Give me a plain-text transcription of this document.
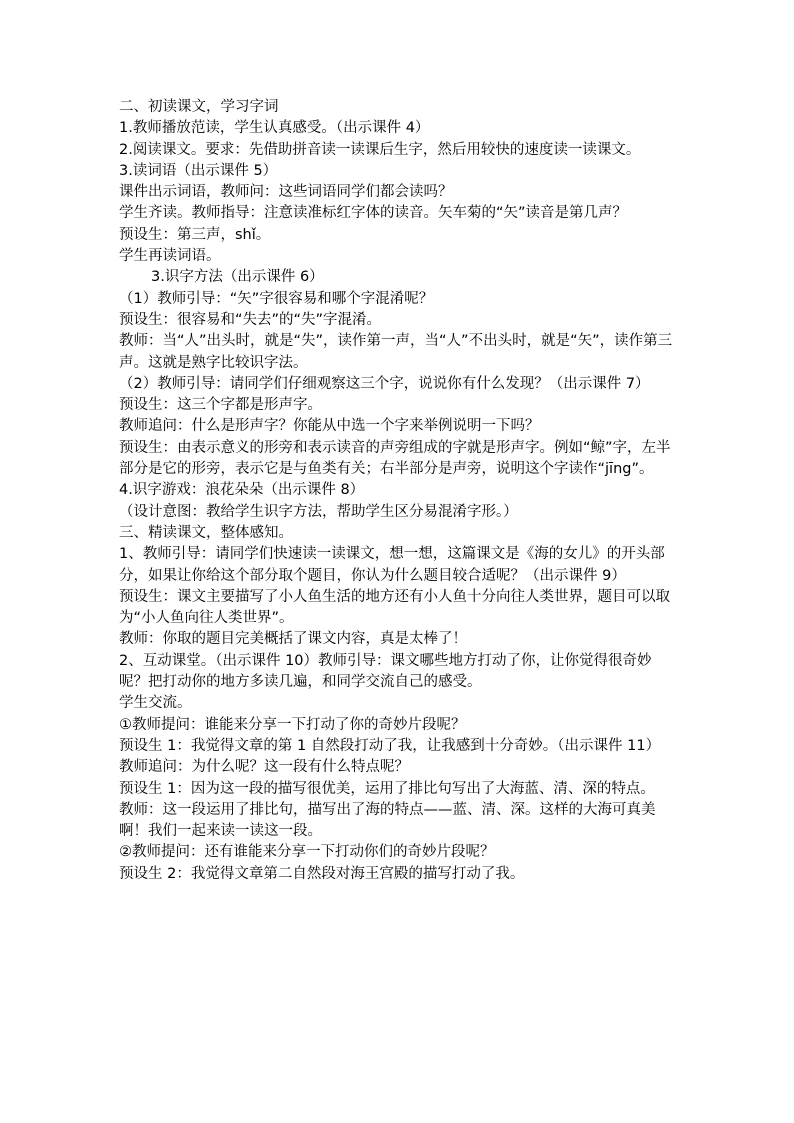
二、初读课文，学习字词

1.教师播放范读，学生认真感受。（出示课件 4）

2.阅读课文。要求：先借助拼音读一读课后生字，然后用较快的速度读一读课文。

3.读词语（出示课件 5）

课件出示词语，教师问：这些词语同学们都会读吗？

学生齐读。教师指导：注意读准标红字体的读音。矢车菊的“矢”读音是第几声？

预设生：第三声，shǐ。

学生再读词语。

3.识字方法（出示课件 6）

（1）教师引导：“矢”字很容易和哪个字混淆呢？

预设生：很容易和“失去”的“失”字混淆。

教师：当“人”出头时，就是“失”，读作第一声，当“人”不出头时，就是“矢”，读作第三声。这就是熟字比较识字法。

（2）教师引导：请同学们仔细观察这三个字，说说你有什么发现？（出示课件 7）

预设生：这三个字都是形声字。

教师追问：什么是形声字？你能从中选一个字来举例说明一下吗？

预设生：由表示意义的形旁和表示读音的声旁组成的字就是形声字。例如“鲸”字，左半部分是它的形旁，表示它是与鱼类有关；右半部分是声旁，说明这个字读作“jīng”。

4.识字游戏：浪花朵朵（出示课件 8）

（设计意图：教给学生识字方法，帮助学生区分易混淆字形。）

三、精读课文，整体感知。

1、教师引导：请同学们快速读一读课文，想一想，这篇课文是《海的女儿》的开头部分，如果让你给这个部分取个题目，你认为什么题目较合适呢？（出示课件 9）

预设生：课文主要描写了小人鱼生活的地方还有小人鱼十分向往人类世界，题目可以取为“小人鱼向往人类世界”。

教师：你取的题目完美概括了课文内容，真是太棒了！

2、互动课堂。（出示课件 10）教师引导：课文哪些地方打动了你，让你觉得很奇妙呢？把打动你的地方多读几遍，和同学交流自己的感受。

学生交流。

①教师提问：谁能来分享一下打动了你的奇妙片段呢？

预设生 1：我觉得文章的第 1 自然段打动了我，让我感到十分奇妙。（出示课件 11）

教师追问：为什么呢？这一段有什么特点呢？

预设生 1：因为这一段的描写很优美，运用了排比句写出了大海蓝、清、深的特点。

教师：这一段运用了排比句，描写出了海的特点——蓝、清、深。这样的大海可真美啊！我们一起来读一读这一段。

②教师提问：还有谁能来分享一下打动你们的奇妙片段呢？

预设生 2：我觉得文章第二自然段对海王宫殿的描写打动了我。
